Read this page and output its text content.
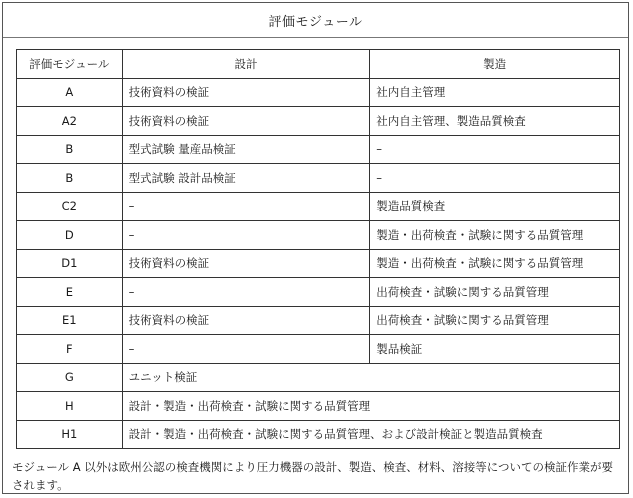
評価モジュール
評価モジュール	設計	製造
A	技術資料の検証	社内自主管理
A2	技術資料の検証	社内自主管理、製造品質検査
B	型式試験 量産品検証	–
B	型式試験 設計品検証	–
C2	–	製造品質検査
D	–	製造・出荷検査・試験に関する品質管理
D1	技術資料の検証	製造・出荷検査・試験に関する品質管理
E	–	出荷検査・試験に関する品質管理
E1	技術資料の検証	出荷検査・試験に関する品質管理
F	–	製品検証
G	ユニット検証	
H	設計・製造・出荷検査・試験に関する品質管理	
H1	設計・製造・出荷検査・試験に関する品質管理、および設計検証と製造品質検査	
モジュール A 以外は欧州公認の検査機関により圧力機器の設計、製造、検査、材料、溶接等についての検証作業が要されます。
